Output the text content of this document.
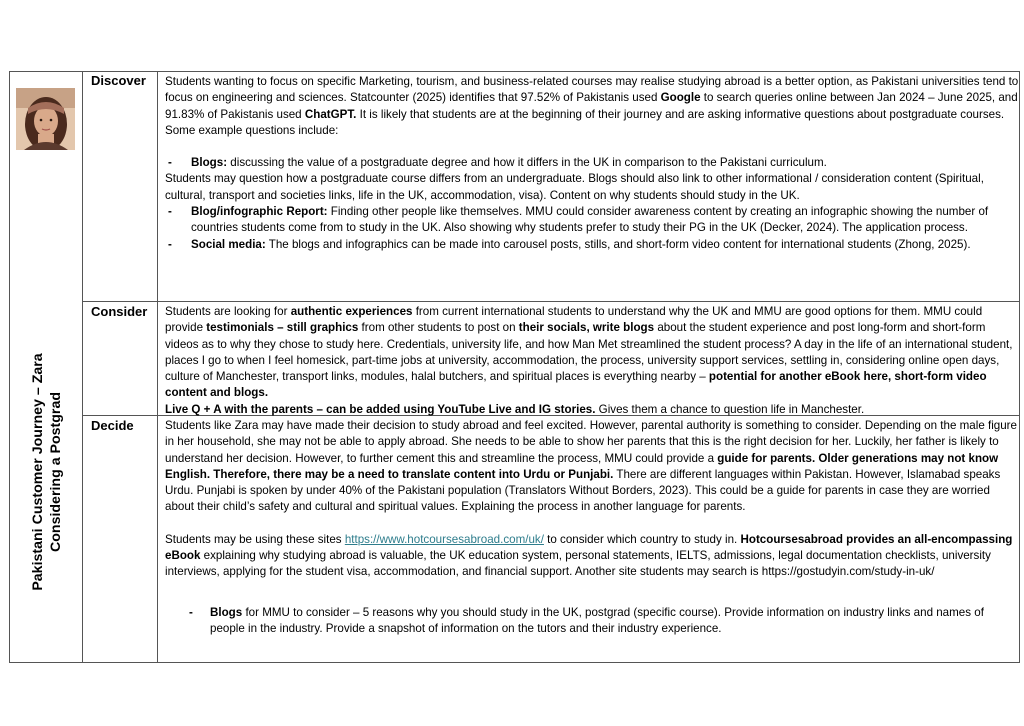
Pakistani Customer Journey – Zara Considering a Postgrad
Discover
Consider
Decide

Students wanting to focus on specific Marketing, tourism, and business-related courses may realise studying abroad is a better option, as Pakistani universities tend to focus on engineering and sciences. Statcounter (2025) identifies that 97.52% of Pakistanis used Google to search queries online between Jan 2024 – June 2025, and 91.83% of Pakistanis used ChatGPT. It is likely that students are at the beginning of their journey and are asking informative questions about postgraduate courses.

Some example questions include:

- Blogs: discussing the value of a postgraduate degree and how it differs in the UK in comparison to the Pakistani curriculum.

Students may question how a postgraduate course differs from an undergraduate. Blogs should also link to other informational / consideration content (Spiritual, cultural, transport and societies links, life in the UK, accommodation, visa). Content on why students should study in the UK.

- Blog/infographic Report: Finding other people like themselves. MMU could consider awareness content by creating an infographic showing the number of countries students come from to study in the UK. Also showing why students prefer to study their PG in the UK (Decker, 2024). The application process.

- Social media: The blogs and infographics can be made into carousel posts, stills, and short-form video content for international students (Zhong, 2025).

Students are looking for authentic experiences from current international students to understand why the UK and MMU are good options for them. MMU could provide testimonials – still graphics from other students to post on their socials, write blogs about the student experience and post long-form and short-form videos as to why they chose to study here. Credentials, university life, and how Man Met streamlined the student process? A day in the life of an international student, places I go to when I feel homesick, part-time jobs at university, accommodation, the process, university support services, settling in, considering online open days, culture of Manchester, transport links, modules, halal butchers, and spiritual places is everything nearby – potential for another eBook here, short-form video content and blogs.

Live Q + A with the parents – can be added using YouTube Live and IG stories. Gives them a chance to question life in Manchester.

Students like Zara may have made their decision to study abroad and feel excited. However, parental authority is something to consider. Depending on the male figure in her household, she may not be able to apply abroad. She needs to be able to show her parents that this is the right decision for her. Luckily, her father is likely to understand her decision. However, to further cement this and streamline the process, MMU could provide a guide for parents. Older generations may not know English. Therefore, there may be a need to translate content into Urdu or Punjabi. There are different languages within Pakistan. However, Islamabad speaks Urdu. Punjabi is spoken by under 40% of the Pakistani population (Translators Without Borders, 2023). This could be a guide for parents in case they are worried about their child’s safety and cultural and spiritual values. Explaining the process in another language for parents.

Students may be using these sites https://www.hotcoursesabroad.com/uk/ to consider which country to study in. Hotcoursesabroad provides an all-encompassing eBook explaining why studying abroad is valuable, the UK education system, personal statements, IELTS, admissions, legal documentation checklists, university interviews, applying for the student visa, accommodation, and financial support. Another site students may search is https://gostudyin.com/study-in-uk/

- Blogs for MMU to consider – 5 reasons why you should study in the UK, postgrad (specific course). Provide information on industry links and names of people in the industry. Provide a snapshot of information on the tutors and their industry experience.
